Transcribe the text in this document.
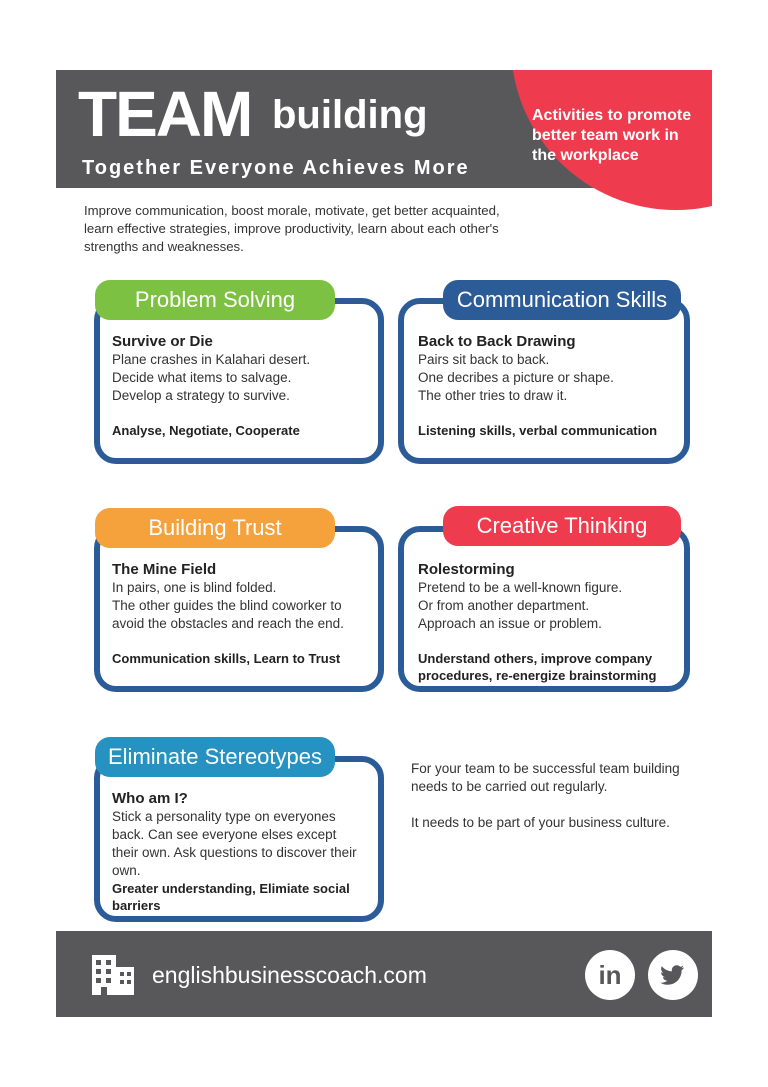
TEAM building
Together Everyone Achieves More
Activities to promote better team work in the workplace
Improve communication, boost morale, motivate, get better acquainted, learn effective strategies, improve productivity, learn about each other's strengths and weaknesses.
Problem Solving
Survive or Die
Plane crashes in Kalahari desert.
Decide what items to salvage.
Develop a strategy to survive.
Analyse, Negotiate, Cooperate
Communication Skills
Back to Back Drawing
Pairs sit back to back.
One decribes a picture or shape.
The other tries to draw it.
Listening skills, verbal communication
Building Trust
The Mine Field
In pairs, one is blind folded.
The other guides the blind coworker to avoid the obstacles and reach the end.
Communication skills, Learn to Trust
Creative Thinking
Rolestorming
Pretend to be a well-known figure.
Or from another department.
Approach an issue or problem.
Understand others, improve company procedures, re-energize brainstorming
Eliminate Stereotypes
Who am I?
Stick a personality type on everyones back. Can see everyone elses except their own. Ask questions to discover their own.
Greater understanding, Elimiate social barriers
For your team to be successful team building needs to be carried out regularly.
It needs to be part of your business culture.
englishbusinesscoach.com	in
